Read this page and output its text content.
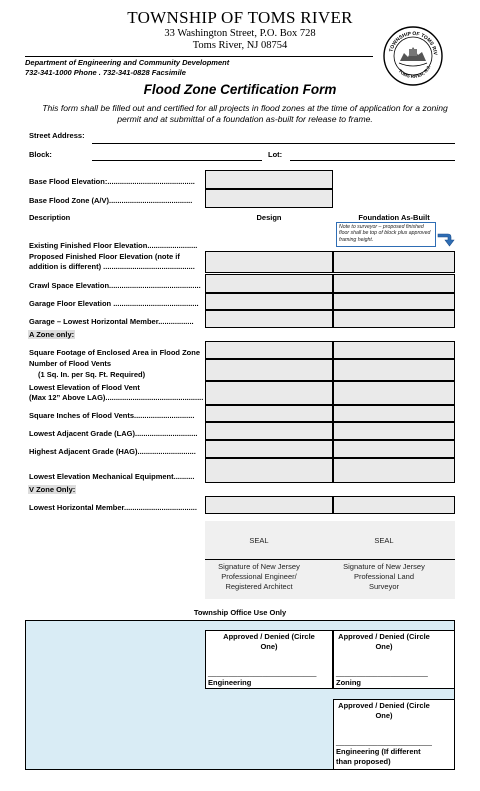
TOWNSHIP OF TOMS RIVER
33 Washington Street, P.O. Box 728
Toms River, NJ 08754
Department of Engineering and Community Development
732-341-1000 Phone . 732-341-0828 Facsimile
TOWNSHIP OF TOMS RIV
TOMS RIVER, N.J.
Flood Zone Certification Form
This form shall be filled out and certified for all projects in flood zones at the time of application for a zoning permit and at submittal of a foundation as-built for release to frame.
Street Address:
Block:	Lot:
Base Flood Elevation:..........................................
Base Flood Zone (A/V)........................................
Description	Design	Foundation As-Built
Note to surveyor – proposed finished floor shall be top of block plus approved framing height.
Existing Finished Floor Elevation........................
Proposed Finished Floor Elevation (note if
addition is different) ............................................
Crawl Space Elevation............................................
Garage Floor Elevation .........................................
Garage – Lowest Horizontal Member.................
A Zone only:
Square Footage of Enclosed Area in Flood Zone
Number of Flood Vents
(1 Sq. In. per Sq. Ft. Required)
Lowest Elevation of Flood Vent
(Max 12” Above LAG)...............................................
Square Inches of Flood Vents.............................
Lowest Adjacent Grade (LAG)..............................
Highest Adjacent Grade (HAG)............................
Lowest Elevation Mechanical Equipment..........
V Zone Only:
Lowest Horizontal Member...................................
SEAL	SEAL
Signature of New Jersey
Professional Engineer/
Registered Architect
Signature of New Jersey
Professional Land
Surveyor
Township Office Use Only
Approved / Denied (Circle
One)
__________________________
Engineering
Approved / Denied (Circle
One)
______________________
Zoning
Approved / Denied (Circle
One)
_______________________
Engineering (If different
than proposed)
